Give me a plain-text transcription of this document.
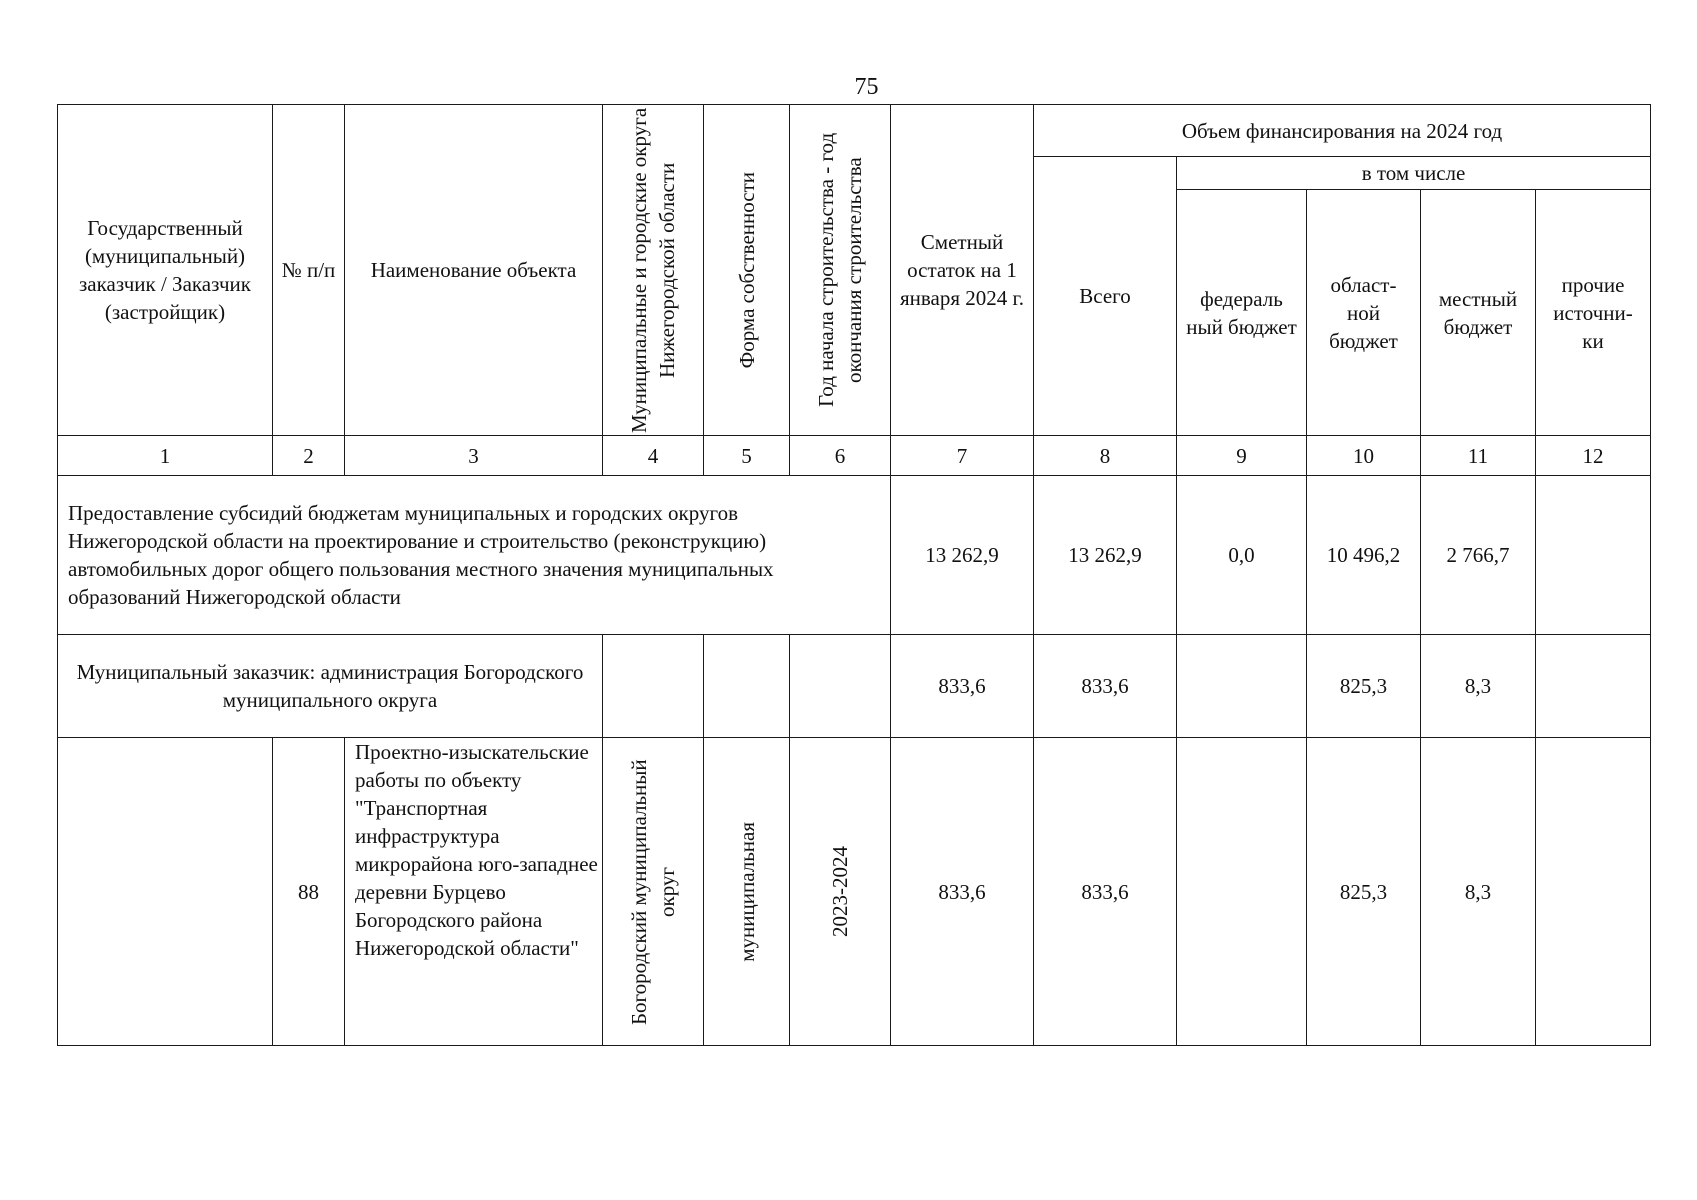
75
Государственный (муниципальный) заказчик / Заказчик (застройщик)	№ п/п	Наименование объекта	Муниципальные и городские округа Нижегородской области	Форма собственности	Год начала строительства - год окончания строительства	Сметный остаток на 1 января 2024 г.	Объем финансирования на 2024 год				
							Всего	в том числе			
								федераль ный бюджет	област- ной бюджет	местный бюджет	прочие источни- ки
1	2	3	4	5	6	7	8	9	10	11	12
Предоставление субсидий бюджетам муниципальных и городских округов Нижегородской области на проектирование и строительство (реконструкцию) автомобильных дорог общего пользования местного значения муниципальных образований Нижегородской области						13 262,9	13 262,9	0,0	10 496,2	2 766,7	
Муниципальный заказчик: администрация Богородского муниципального округа						833,6	833,6		825,3	8,3	
	88	Проектно-изыскательские работы по объекту "Транспортная инфраструктура микрорайона юго-западнее деревни Бурцево Богородского района Нижегородской области"	Богородский муниципальный округ	муниципальная	2023-2024	833,6	833,6		825,3	8,3	
